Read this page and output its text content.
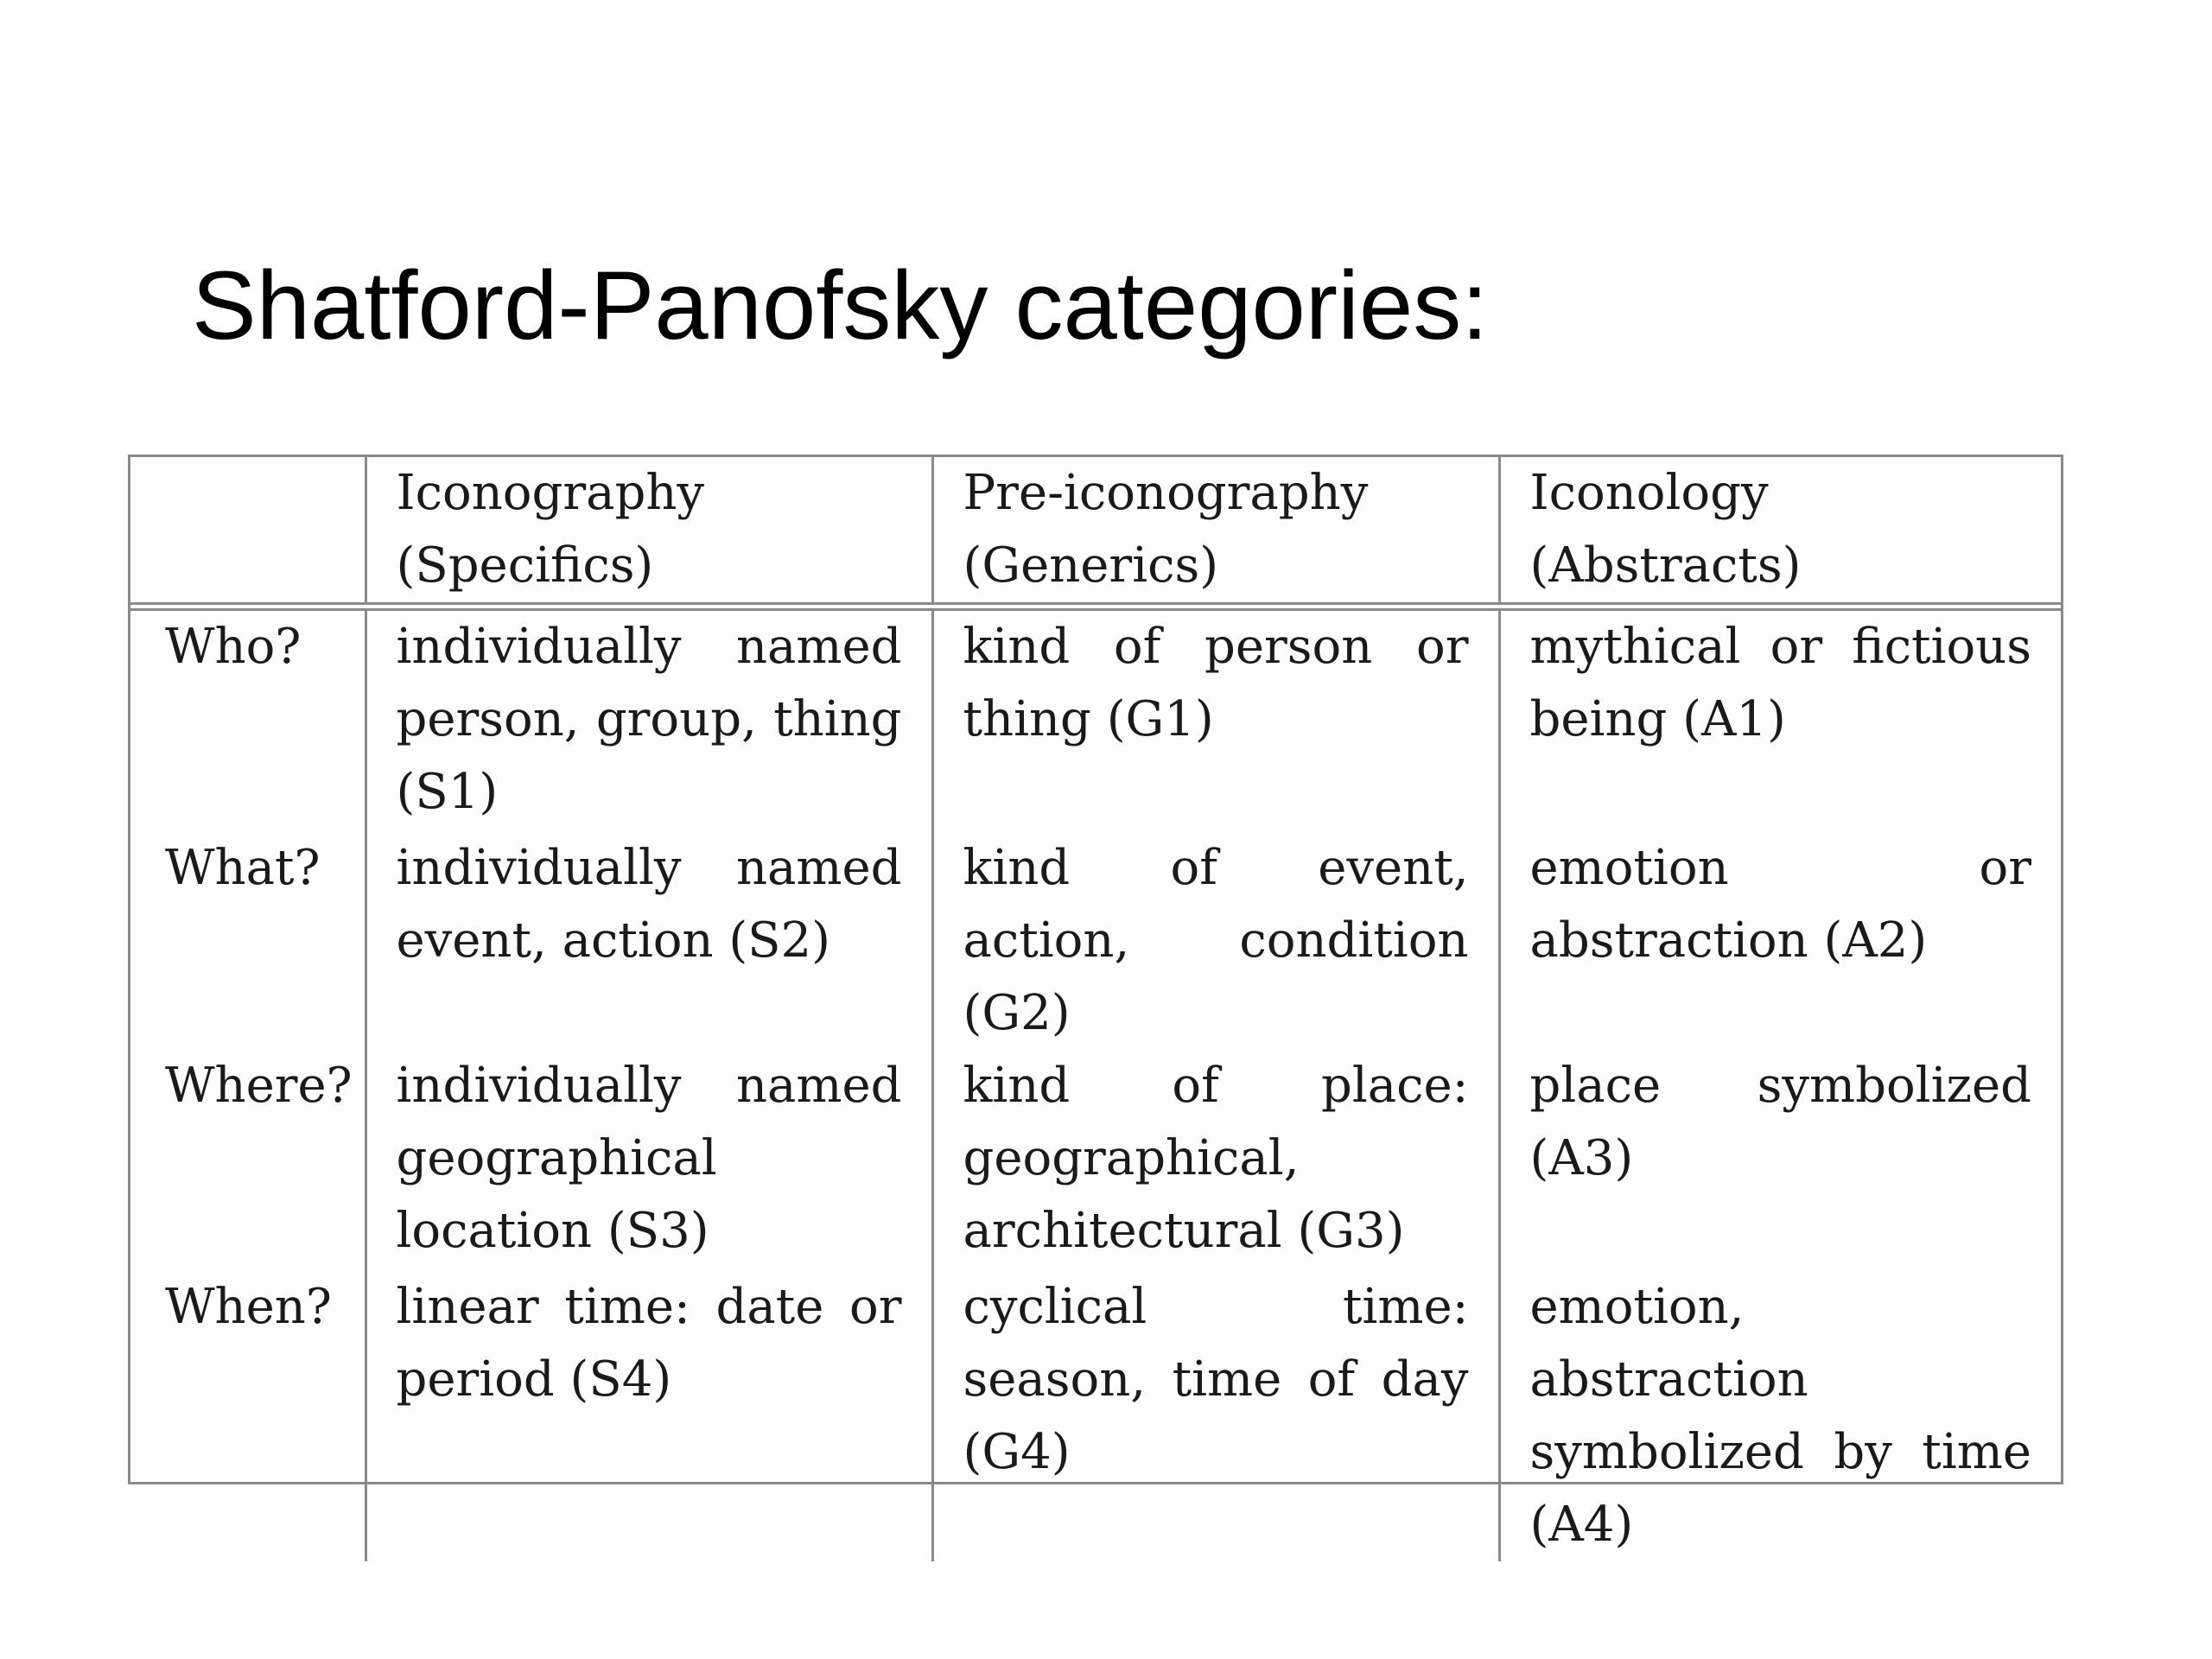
Shatford-Panofsky categories:
	Iconography (Specifics)	Pre-iconography (Generics)	Iconology (Abstracts)
Who?	individually named person, group, thing (S1)	kind of person or thing (G1)	mythical or fictious being (A1)
What?	individually named event, action (S2)	kind of event, action, condition (G2)	emotion or abstraction (A2)
Where?	individually named geographical location (S3)	kind of place: geographical, architectural (G3)	place symbolized (A3)
When?	linear time: date or period (S4)	cyclical time: season, time of day (G4)	emotion, abstraction symbolized by time (A4)
